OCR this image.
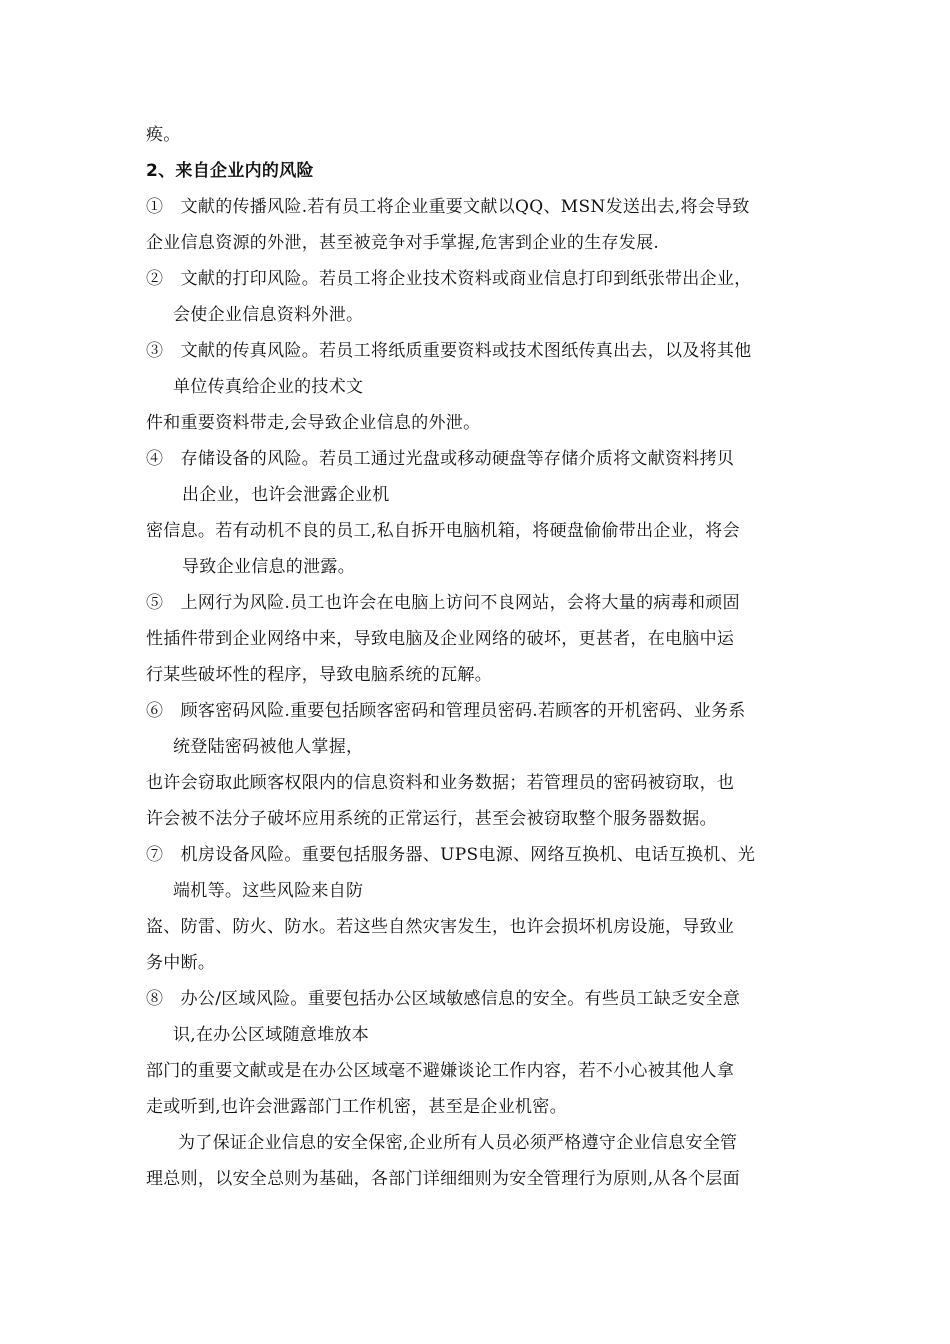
痪。
2、来自企业内的风险
①　文献的传播风险.若有员工将企业重要文献以QQ、MSN发送出去,将会导致
企业信息资源的外泄，甚至被竞争对手掌握,危害到企业的生存发展.
②　文献的打印风险。若员工将企业技术资料或商业信息打印到纸张带出企业，
会使企业信息资料外泄。
③　文献的传真风险。若员工将纸质重要资料或技术图纸传真出去，以及将其他
单位传真给企业的技术文
件和重要资料带走,会导致企业信息的外泄。
④　存储设备的风险。若员工通过光盘或移动硬盘等存储介质将文献资料拷贝
出企业，也许会泄露企业机
密信息。若有动机不良的员工,私自拆开电脑机箱，将硬盘偷偷带出企业，将会
导致企业信息的泄露。
⑤　上网行为风险.员工也许会在电脑上访问不良网站，会将大量的病毒和顽固
性插件带到企业网络中来，导致电脑及企业网络的破坏，更甚者，在电脑中运
行某些破坏性的程序，导致电脑系统的瓦解。
⑥　顾客密码风险.重要包括顾客密码和管理员密码.若顾客的开机密码、业务系
统登陆密码被他人掌握，
也许会窃取此顾客权限内的信息资料和业务数据；若管理员的密码被窃取，也
许会被不法分子破坏应用系统的正常运行，甚至会被窃取整个服务器数据。
⑦　机房设备风险。重要包括服务器、UPS电源、网络互换机、电话互换机、光
端机等。这些风险来自防
盗、防雷、防火、防水。若这些自然灾害发生，也许会损坏机房设施，导致业
务中断。
⑧　办公/区域风险。重要包括办公区域敏感信息的安全。有些员工缺乏安全意
识,在办公区域随意堆放本
部门的重要文献或是在办公区域毫不避嫌谈论工作内容，若不小心被其他人拿
走或听到,也许会泄露部门工作机密，甚至是企业机密。
为了保证企业信息的安全保密,企业所有人员必须严格遵守企业信息安全管
理总则，以安全总则为基础，各部门详细细则为安全管理行为原则,从各个层面
